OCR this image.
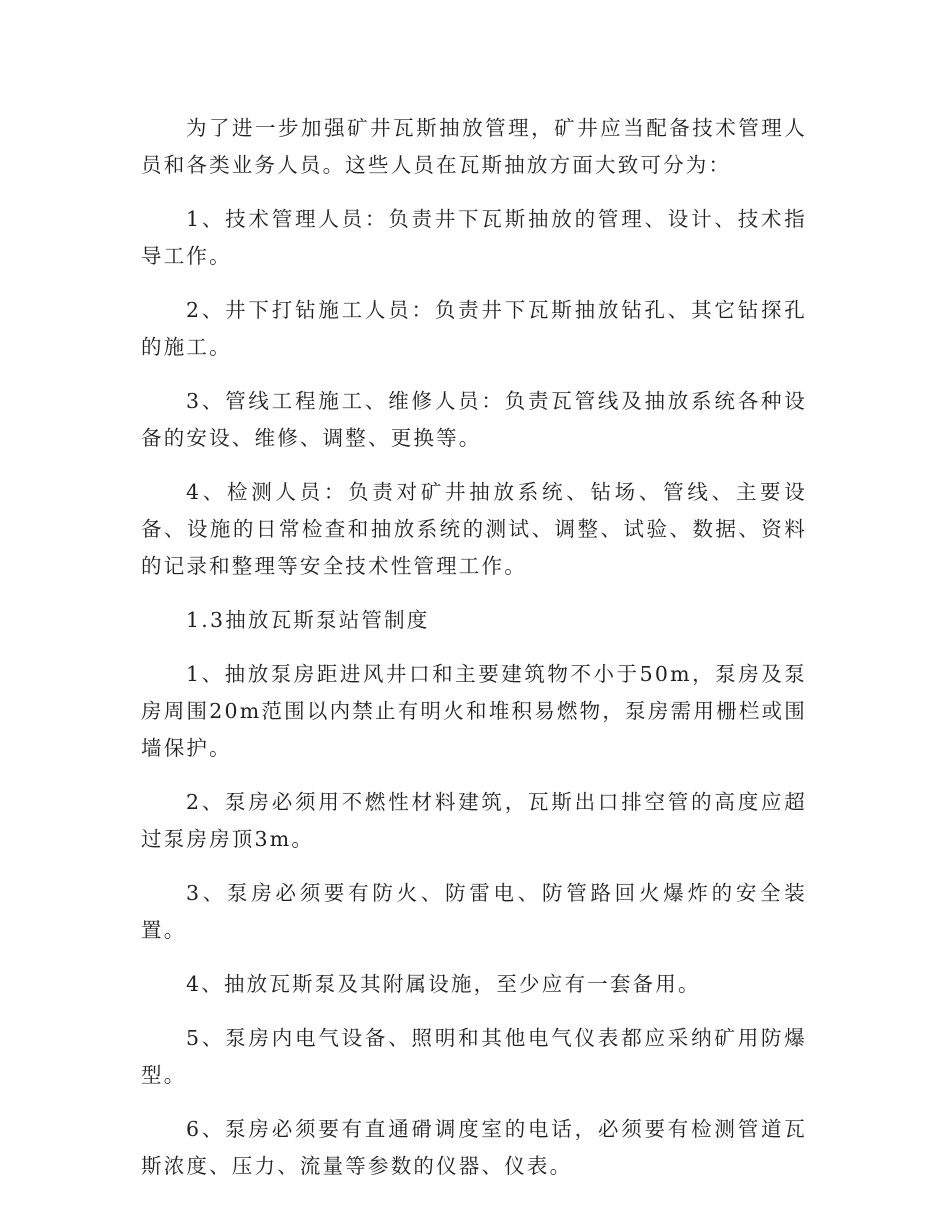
为了进一步加强矿井瓦斯抽放管理，矿井应当配备技术管理人员和各类业务人员。这些人员在瓦斯抽放方面大致可分为：

1、技术管理人员：负责井下瓦斯抽放的管理、设计、技术指导工作。

2、井下打钻施工人员：负责井下瓦斯抽放钻孔、其它钻探孔的施工。

3、管线工程施工、维修人员：负责瓦管线及抽放系统各种设备的安设、维修、调整、更换等。

4、检测人员：负责对矿井抽放系统、钻场、管线、主要设备、设施的日常检查和抽放系统的测试、调整、试验、数据、资料的记录和整理等安全技术性管理工作。

1.3抽放瓦斯泵站管制度

1、抽放泵房距进风井口和主要建筑物不小于50m，泵房及泵房周围20m范围以内禁止有明火和堆积易燃物，泵房需用栅栏或围墙保护。

2、泵房必须用不燃性材料建筑，瓦斯出口排空管的高度应超过泵房房顶3m。

3、泵房必须要有防火、防雷电、防管路回火爆炸的安全装置。

4、抽放瓦斯泵及其附属设施，至少应有一套备用。

5、泵房内电气设备、照明和其他电气仪表都应采纳矿用防爆型。

6、泵房必须要有直通磆调度室的电话，必须要有检测管道瓦斯浓度、压力、流量等参数的仪器、仪表。
